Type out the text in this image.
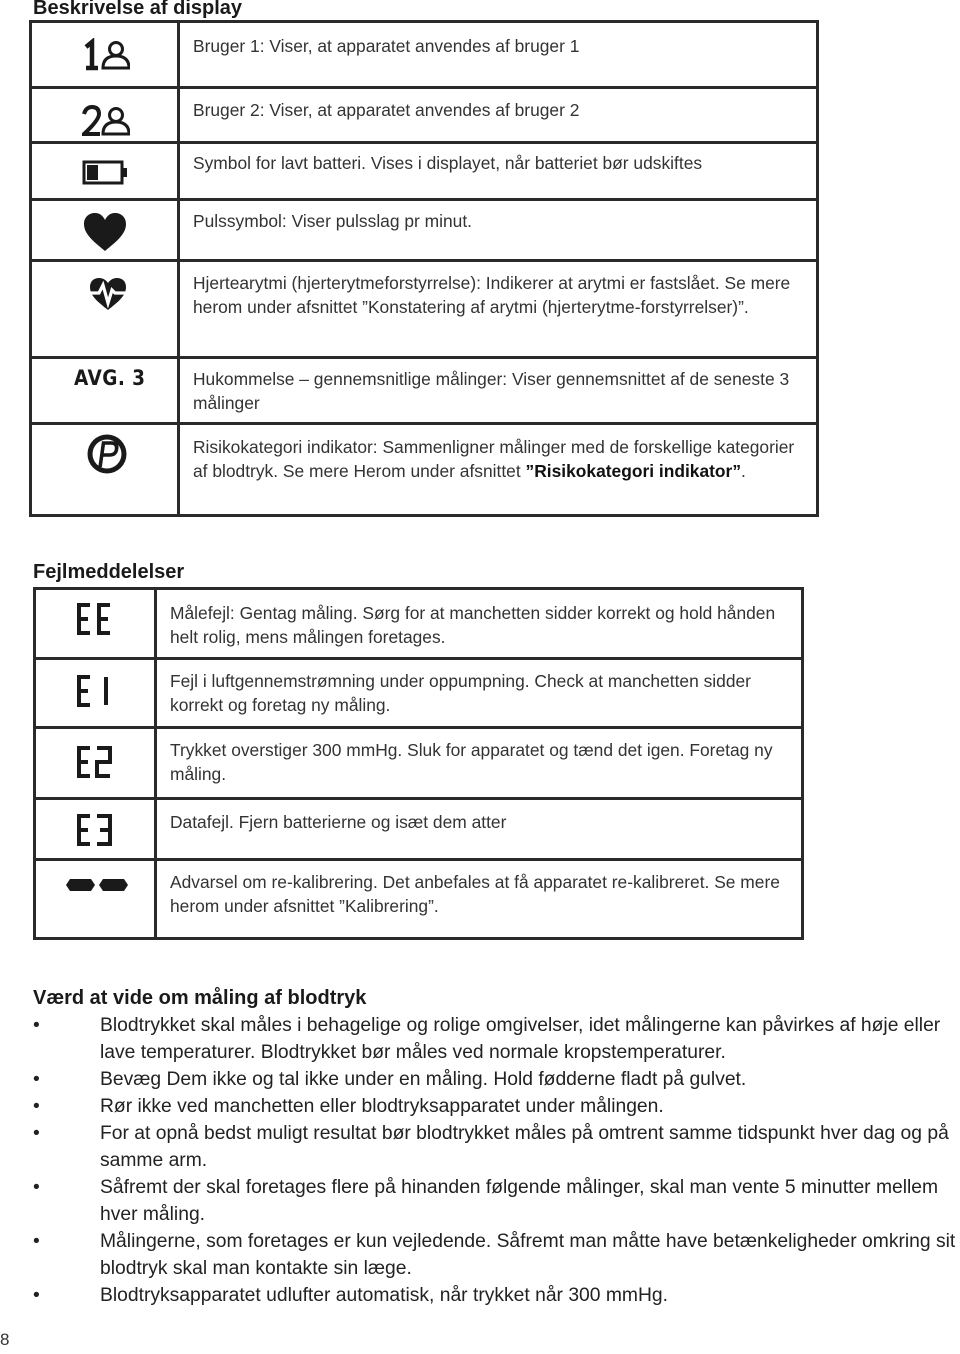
Beskrivelse af display
Bruger 1: Viser, at apparatet anvendes af bruger 1
Bruger 2: Viser, at apparatet anvendes af bruger 2
Symbol for lavt batteri. Vises i displayet, når batteriet bør udskiftes
Pulssymbol: Viser pulsslag pr minut.
Hjertearytmi (hjerterytmeforstyrrelse): Indikerer at arytmi er fastslået. Se mere herom under afsnittet ”Konstatering af arytmi (hjerterytme-forstyrrelser)”.
AVG. 3	Hukommelse – gennemsnitlige målinger: Viser gennemsnittet af de seneste 3 målinger
Risikokategori indikator: Sammenligner målinger med de forskellige kategorier af blodtryk. Se mere Herom under afsnittet ”Risikokategori indikator”.
Fejlmeddelelser
Målefejl: Gentag måling. Sørg for at manchetten sidder korrekt og hold hånden helt rolig, mens målingen foretages.
Fejl i luftgennemstrømning under oppumpning. Check at manchetten sidder korrekt og foretag ny måling.
Trykket overstiger 300 mmHg. Sluk for apparatet og tænd det igen. Foretag ny måling.
Datafejl. Fjern batterierne og isæt dem atter
Advarsel om re-kalibrering. Det anbefales at få apparatet re-kalibreret. Se mere herom under afsnittet ”Kalibrering”.
Værd at vide om måling af blodtryk
• Blodtrykket skal måles i behagelige og rolige omgivelser, idet målingerne kan påvirkes af høje eller lave temperaturer. Blodtrykket bør måles ved normale kropstemperaturer.
• Bevæg Dem ikke og tal ikke under en måling. Hold fødderne fladt på gulvet.
• Rør ikke ved manchetten eller blodtryksapparatet under målingen.
• For at opnå bedst muligt resultat bør blodtrykket måles på omtrent samme tidspunkt hver dag og på samme arm.
• Såfremt der skal foretages flere på hinanden følgende målinger, skal man vente 5 minutter mellem hver måling.
• Målingerne, som foretages er kun vejledende. Såfremt man måtte have betænkeligheder omkring sit blodtryk skal man kontakte sin læge.
• Blodtryksapparatet udlufter automatisk, når trykket når 300 mmHg.
8
